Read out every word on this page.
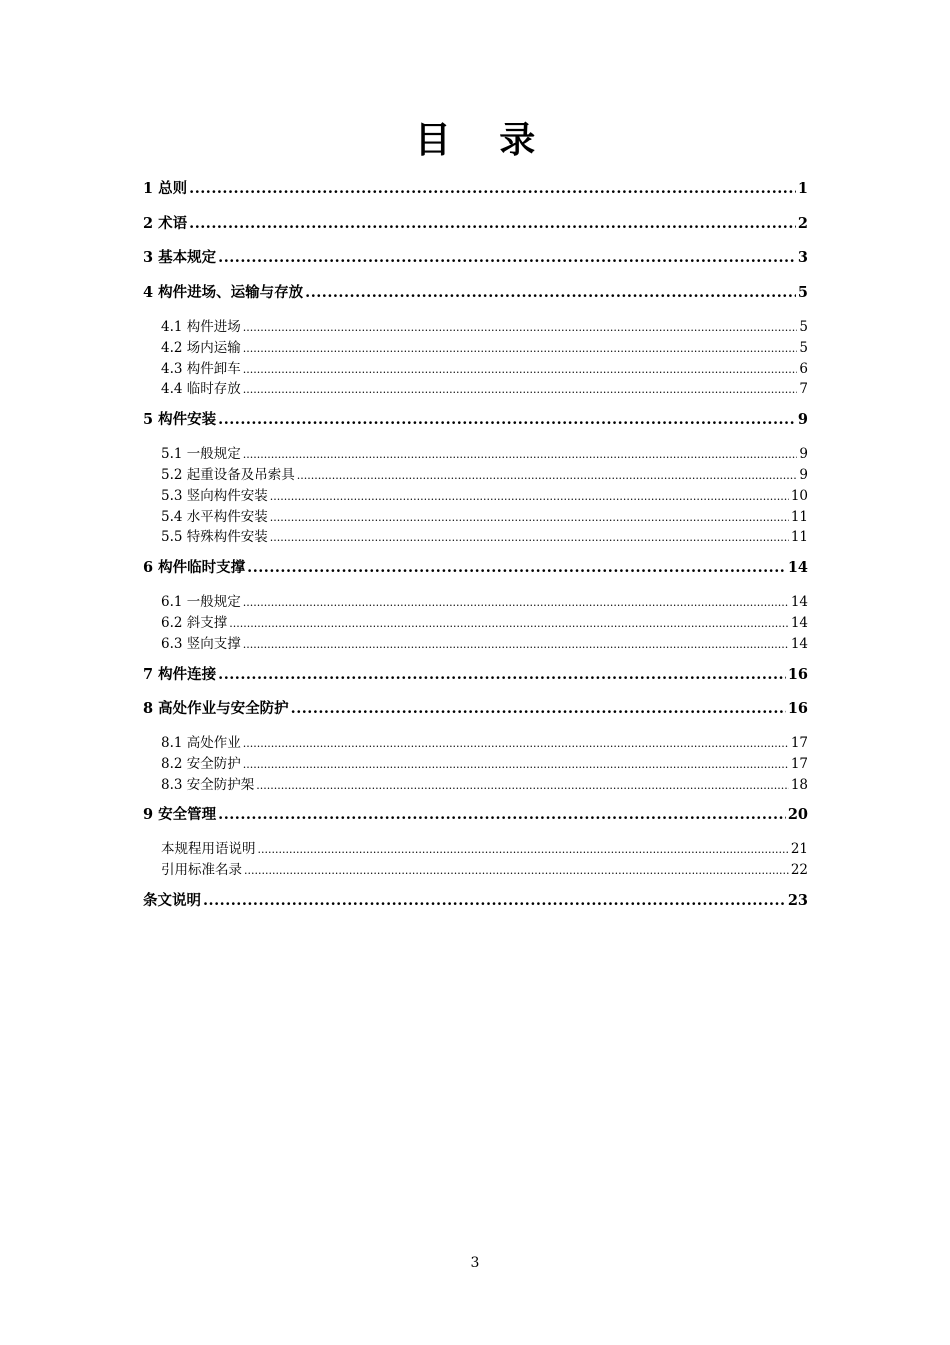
目 录
1 总则 .....	1
2 术语 .....	2
3 基本规定 .....	3
4 构件进场、运输与存放 .....	5
4.1 构件进场 .....	5
4.2 场内运输 .....	5
4.3 构件卸车 .....	6
4.4 临时存放 .....	7
5 构件安装 .....	9
5.1 一般规定 .....	9
5.2 起重设备及吊索具 .....	9
5.3 竖向构件安装 .....	10
5.4 水平构件安装 .....	11
5.5 特殊构件安装 .....	11
6 构件临时支撑 .....	14
6.1 一般规定 .....	14
6.2 斜支撑 .....	14
6.3 竖向支撑 .....	14
7 构件连接 .....	16
8 高处作业与安全防护 .....	16
8.1 高处作业 .....	17
8.2 安全防护 .....	17
8.3 安全防护架 .....	18
9 安全管理 .....	20
本规程用语说明 .....	21
引用标准名录 .....	22
条文说明 .....	23
3
